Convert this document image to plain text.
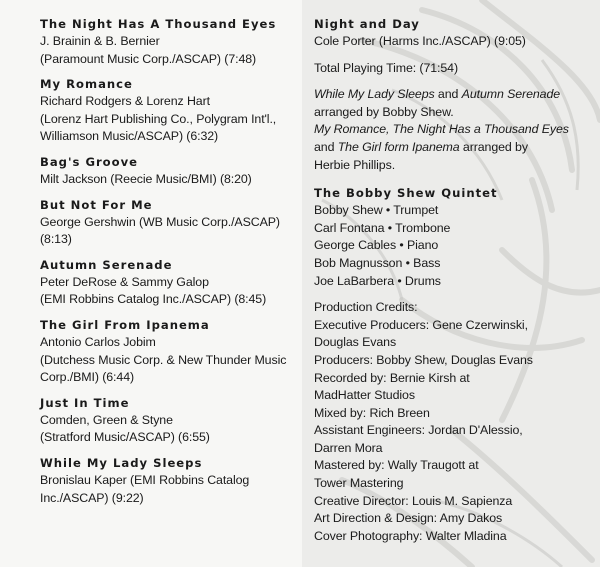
The Night Has A Thousand Eyes
J. Brainin & B. Bernier
(Paramount Music Corp./ASCAP) (7:48)
My Romance
Richard Rodgers & Lorenz Hart
(Lorenz Hart Publishing Co., Polygram Int'l.,
Williamson Music/ASCAP) (6:32)
Bag's Groove
Milt Jackson (Reecie Music/BMI) (8:20)
But Not For Me
George Gershwin (WB Music Corp./ASCAP)
(8:13)
Autumn Serenade
Peter DeRose & Sammy Galop
(EMI Robbins Catalog Inc./ASCAP) (8:45)
The Girl From Ipanema
Antonio Carlos Jobim
(Dutchess Music Corp. & New Thunder Music
Corp./BMI) (6:44)
Just In Time
Comden, Green & Styne
(Stratford Music/ASCAP) (6:55)
While My Lady Sleeps
Bronislau Kaper (EMI Robbins Catalog
Inc./ASCAP) (9:22)
Night and Day
Cole Porter (Harms Inc./ASCAP) (9:05)
Total Playing Time: (71:54)
While My Lady Sleeps and Autumn Serenade
arranged by Bobby Shew.
My Romance, The Night Has a Thousand Eyes
and The Girl form Ipanema arranged by
Herbie Phillips.
The Bobby Shew Quintet
Bobby Shew • Trumpet
Carl Fontana • Trombone
George Cables • Piano
Bob Magnusson • Bass
Joe LaBarbera • Drums
Production Credits:
Executive Producers: Gene Czerwinski,
Douglas Evans
Producers: Bobby Shew, Douglas Evans
Recorded by: Bernie Kirsh at
MadHatter Studios
Mixed by: Rich Breen
Assistant Engineers: Jordan D'Alessio,
Darren Mora
Mastered by: Wally Traugott at
Tower Mastering
Creative Director: Louis M. Sapienza
Art Direction & Design: Amy Dakos
Cover Photography: Walter Mladina
